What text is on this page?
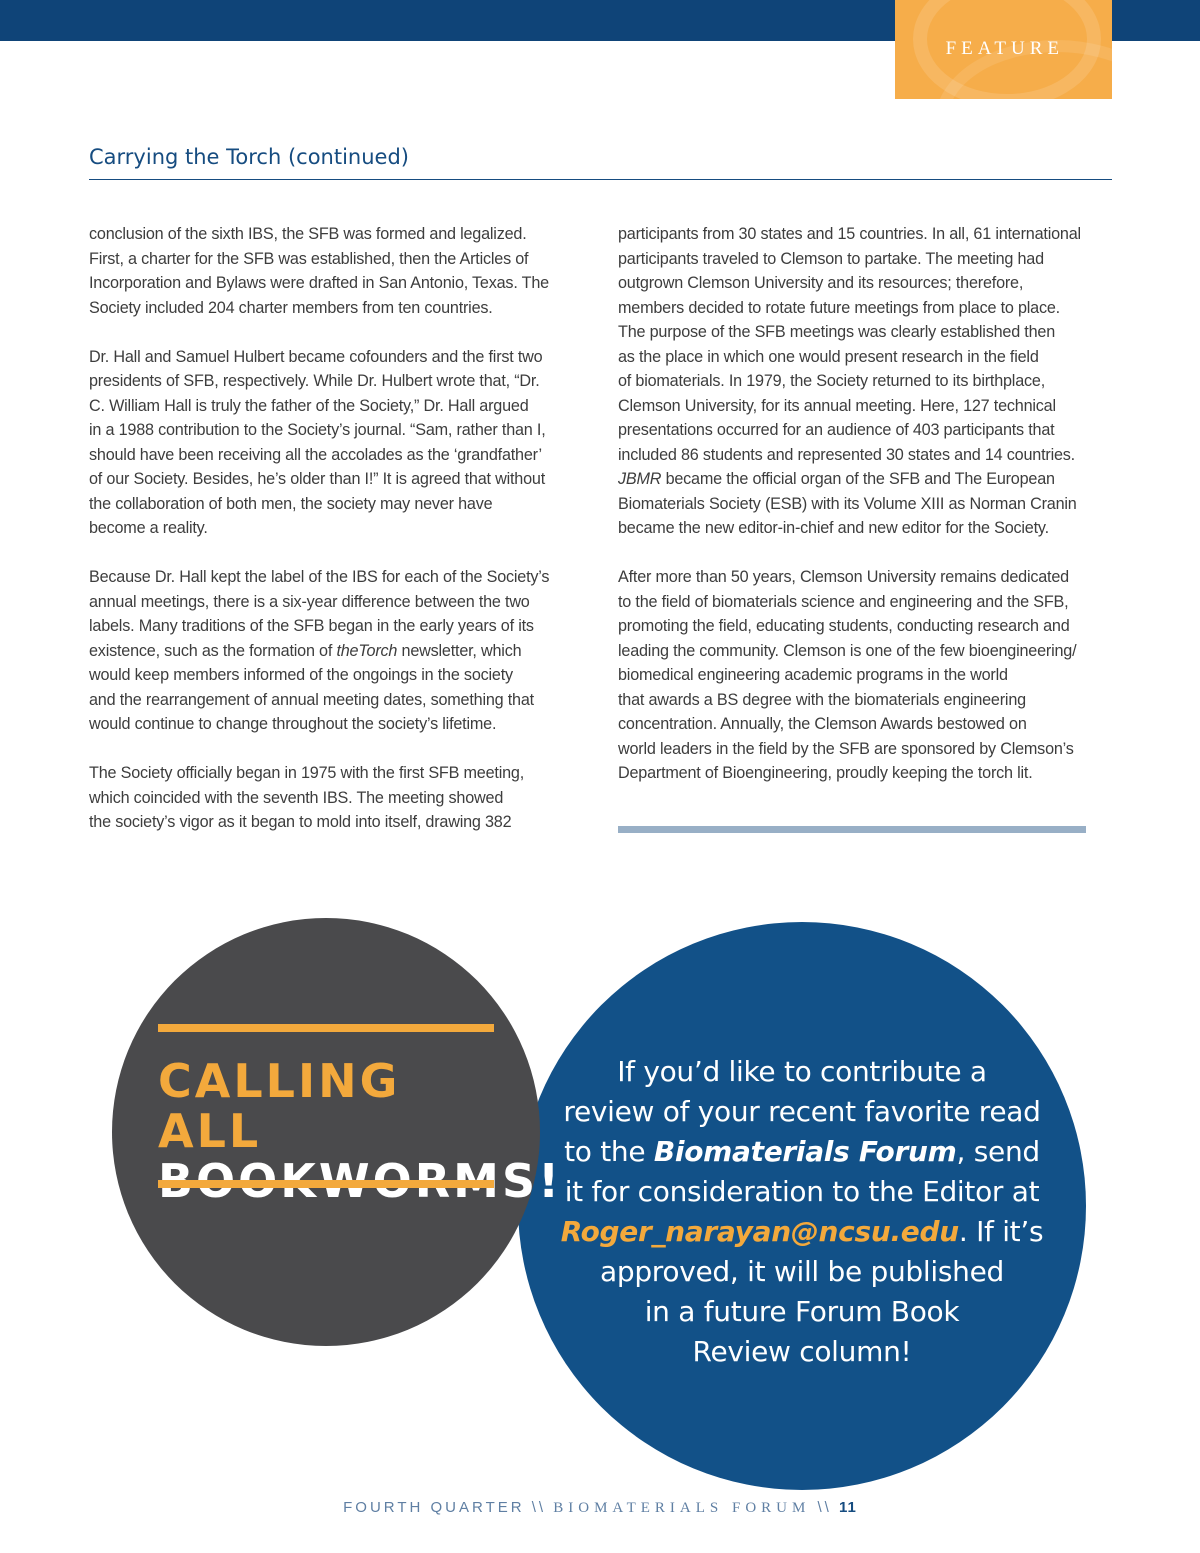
FEATURE
Carrying the Torch (continued)
conclusion of the sixth IBS, the SFB was formed and legalized.
First, a charter for the SFB was established, then the Articles of
Incorporation and Bylaws were drafted in San Antonio, Texas. The
Society included 204 charter members from ten countries.
Dr. Hall and Samuel Hulbert became cofounders and the first two
presidents of SFB, respectively. While Dr. Hulbert wrote that, “Dr.
C. William Hall is truly the father of the Society,” Dr. Hall argued
in a 1988 contribution to the Society’s journal. “Sam, rather than I,
should have been receiving all the accolades as the ‘grandfather’
of our Society. Besides, he’s older than I!” It is agreed that without
the collaboration of both men, the society may never have
become a reality.
Because Dr. Hall kept the label of the IBS for each of the Society’s
annual meetings, there is a six-year difference between the two
labels. Many traditions of the SFB began in the early years of its
existence, such as the formation of theTorch newsletter, which
would keep members informed of the ongoings in the society
and the rearrangement of annual meeting dates, something that
would continue to change throughout the society’s lifetime.
The Society officially began in 1975 with the first SFB meeting,
which coincided with the seventh IBS. The meeting showed
the society’s vigor as it began to mold into itself, drawing 382
participants from 30 states and 15 countries. In all, 61 international
participants traveled to Clemson to partake. The meeting had
outgrown Clemson University and its resources; therefore,
members decided to rotate future meetings from place to place.
The purpose of the SFB meetings was clearly established then
as the place in which one would present research in the field
of biomaterials. In 1979, the Society returned to its birthplace,
Clemson University, for its annual meeting. Here, 127 technical
presentations occurred for an audience of 403 participants that
included 86 students and represented 30 states and 14 countries.
JBMR became the official organ of the SFB and The European
Biomaterials Society (ESB) with its Volume XIII as Norman Cranin
became the new editor-in-chief and new editor for the Society.
After more than 50 years, Clemson University remains dedicated
to the field of biomaterials science and engineering and the SFB,
promoting the field, educating students, conducting research and
leading the community. Clemson is one of the few bioengineering/
biomedical engineering academic programs in the world
that awards a BS degree with the biomaterials engineering
concentration. Annually, the Clemson Awards bestowed on
world leaders in the field by the SFB are sponsored by Clemson’s
Department of Bioengineering, proudly keeping the torch lit.
CALLING ALL
If you’d like to contribute a
review of your recent favorite read
to the Biomaterials Forum, send
it for consideration to the Editor at
Roger_narayan@ncsu.edu. If it’s
approved, it will be published
in a future Forum Book
Review column!
FOURTH QUARTER \\ BIOMATERIALS FORUM \\ 11
